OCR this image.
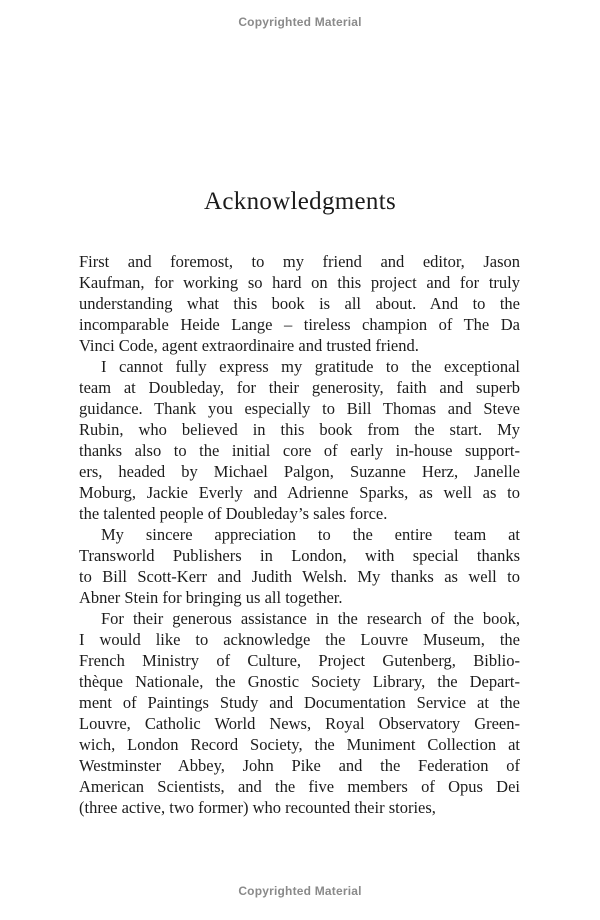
Copyrighted Material
Acknowledgments
First and foremost, to my friend and editor, Jason
Kaufman, for working so hard on this project and for truly
understanding what this book is all about. And to the
incomparable Heide Lange – tireless champion of The Da
Vinci Code, agent extraordinaire and trusted friend.
I cannot fully express my gratitude to the exceptional
team at Doubleday, for their generosity, faith and superb
guidance. Thank you especially to Bill Thomas and Steve
Rubin, who believed in this book from the start. My
thanks also to the initial core of early in-house support-
ers, headed by Michael Palgon, Suzanne Herz, Janelle
Moburg, Jackie Everly and Adrienne Sparks, as well as to
the talented people of Doubleday’s sales force.
My sincere appreciation to the entire team at
Transworld Publishers in London, with special thanks
to Bill Scott-Kerr and Judith Welsh. My thanks as well to
Abner Stein for bringing us all together.
For their generous assistance in the research of the book,
I would like to acknowledge the Louvre Museum, the
French Ministry of Culture, Project Gutenberg, Biblio-
thèque Nationale, the Gnostic Society Library, the Depart-
ment of Paintings Study and Documentation Service at the
Louvre, Catholic World News, Royal Observatory Green-
wich, London Record Society, the Muniment Collection at
Westminster Abbey, John Pike and the Federation of
American Scientists, and the five members of Opus Dei
(three active, two former) who recounted their stories,
Copyrighted Material
